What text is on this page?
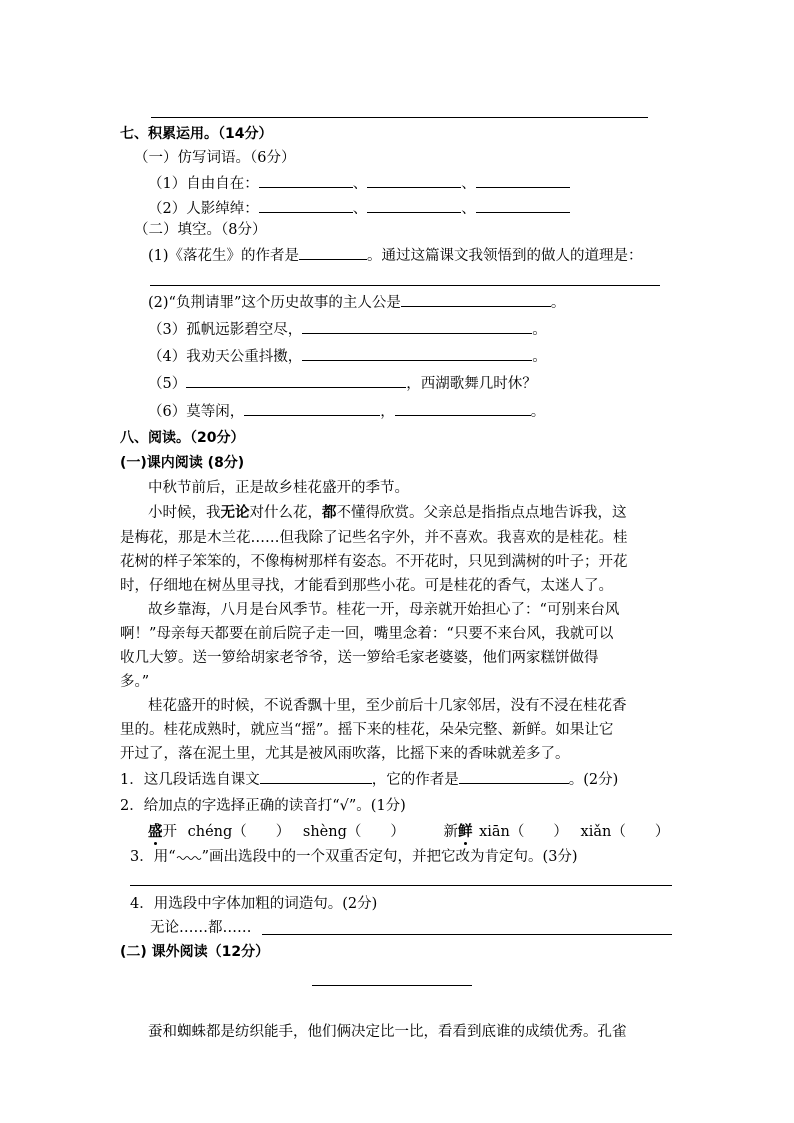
七、积累运用。（14分）
（一）仿写词语。（6分）
（1）自由自在：	、	、
（2）人影绰绰：	、	、
（二）填空。（8分）
(1)《落花生》的作者是	。通过这篇课文我领悟到的做人的道理是：
(2)“负荆请罪”这个历史故事的主人公是	。
（3）孤帆远影碧空尽，	。
（4）我劝天公重抖擞，	。
（5）	，西湖歌舞几时休？
（6）莫等闲，	，	。
八、阅读。（20分）
(一)课内阅读 (8分)
中秋节前后，正是故乡桂花盛开的季节。
小时候，我无论对什么花，都不懂得欣赏。父亲总是指指点点地告诉我，这
是梅花，那是木兰花……但我除了记些名字外，并不喜欢。我喜欢的是桂花。桂
花树的样子笨笨的，不像梅树那样有姿态。不开花时，只见到满树的叶子；开花
时，仔细地在树丛里寻找，才能看到那些小花。可是桂花的香气，太迷人了。
故乡靠海，八月是台风季节。桂花一开，母亲就开始担心了：“可别来台风
啊！”母亲每天都要在前后院子走一回，嘴里念着：“只要不来台风，我就可以
收几大箩。送一箩给胡家老爷爷，送一箩给毛家老婆婆，他们两家糕饼做得
多。”
桂花盛开的时候，不说香飘十里，至少前后十几家邻居，没有不浸在桂花香
里的。桂花成熟时，就应当“摇”。摇下来的桂花，朵朵完整、新鲜。如果让它
开过了，落在泥土里，尤其是被风雨吹落，比摇下来的香味就差多了。
1．这几段话选自课文	，它的作者是	。(2分)
2．给加点的字选择正确的读音打“√”。(1分)
盛开 chéng（　　） shèng（　　）	新鲜 xiān（　　） xiǎn（　　）
3．用“ ”画出选段中的一个双重否定句，并把它改为肯定句。(3分)
4．用选段中字体加粗的词造句。(2分)
无论……都……
(二) 课外阅读（12分）
蚕和蜘蛛都是纺织能手，他们俩决定比一比，看看到底谁的成绩优秀。孔雀
